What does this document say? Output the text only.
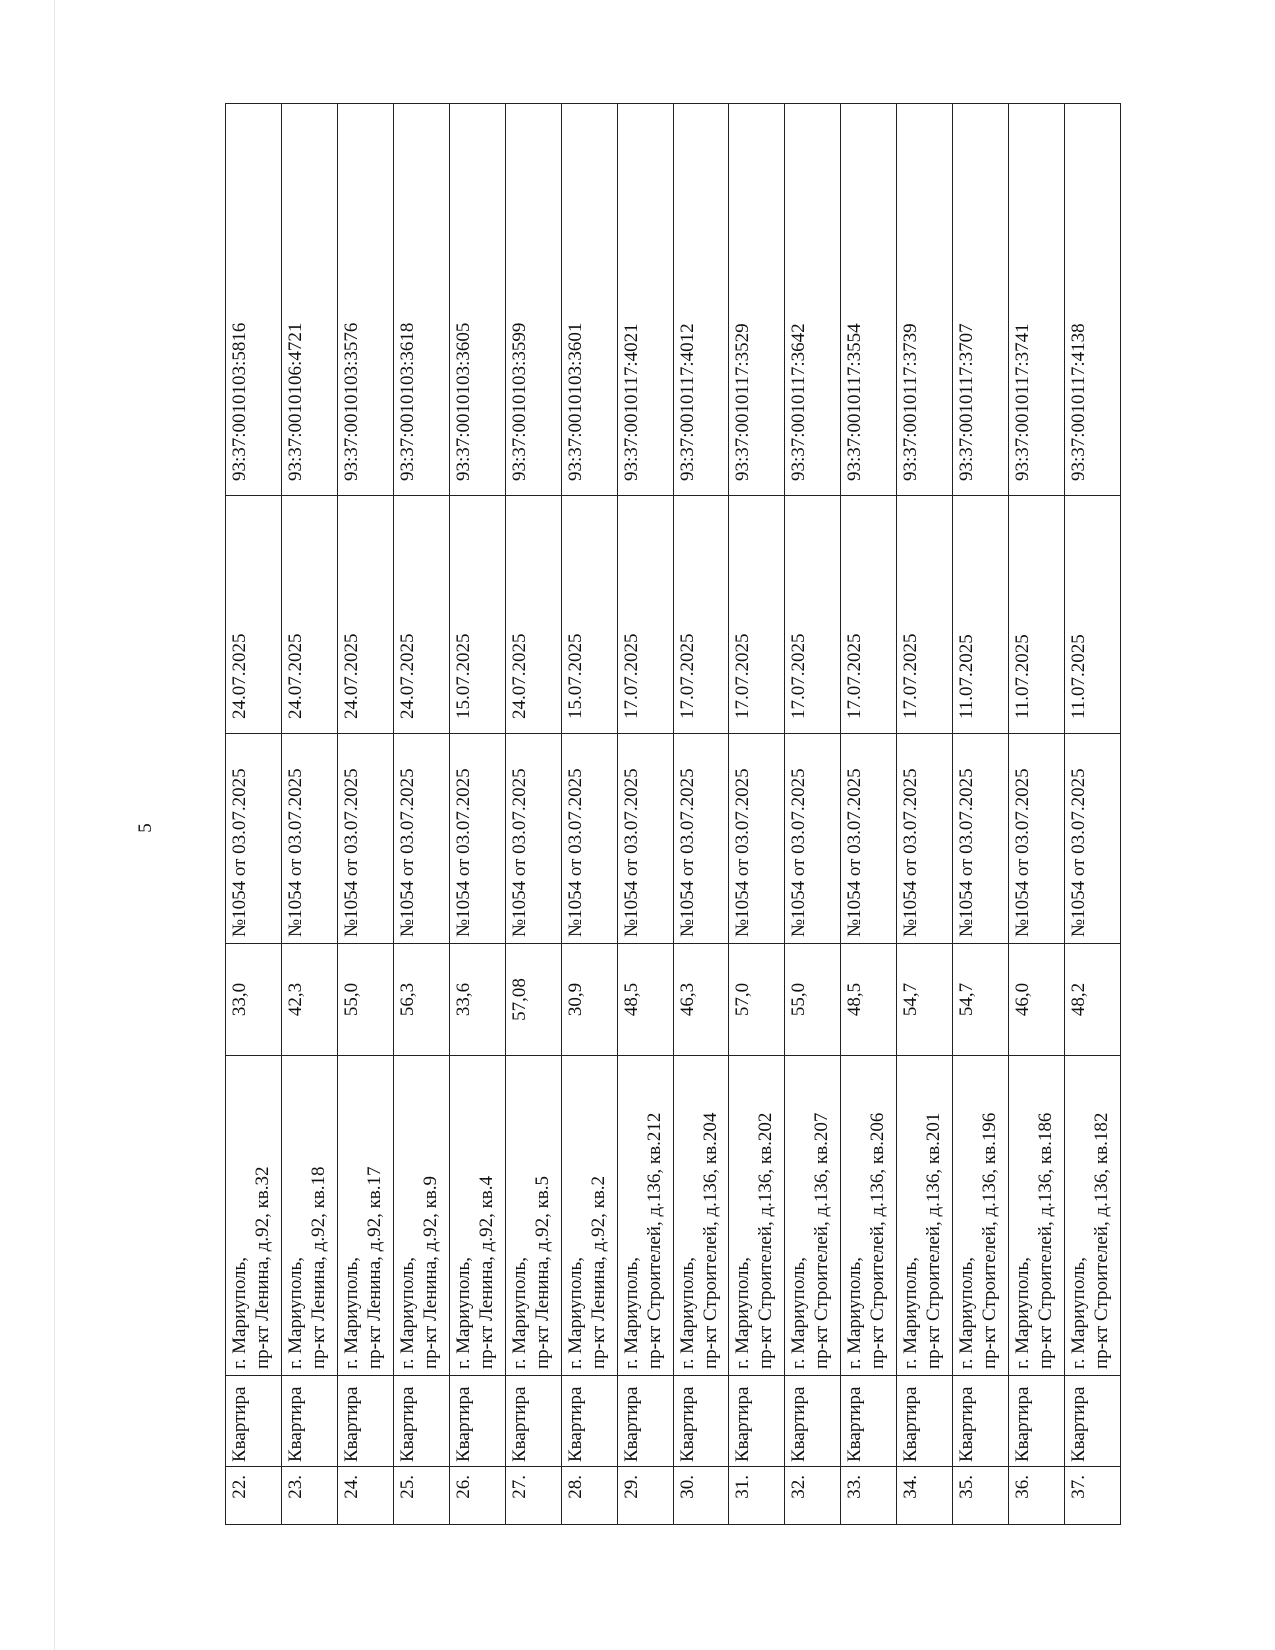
5
22.	Квартира	г. Мариуполь, пр-кт Ленина, д.92, кв.32	33,0	№1054 от 03.07.2025	24.07.2025	93:37:0010103:5816
23.	Квартира	г. Мариуполь, пр-кт Ленина, д.92, кв.18	42,3	№1054 от 03.07.2025	24.07.2025	93:37:0010106:4721
24.	Квартира	г. Мариуполь, пр-кт Ленина, д.92, кв.17	55,0	№1054 от 03.07.2025	24.07.2025	93:37:0010103:3576
25.	Квартира	г. Мариуполь, пр-кт Ленина, д.92, кв.9	56,3	№1054 от 03.07.2025	24.07.2025	93:37:0010103:3618
26.	Квартира	г. Мариуполь, пр-кт Ленина, д.92, кв.4	33,6	№1054 от 03.07.2025	15.07.2025	93:37:0010103:3605
27.	Квартира	г. Мариуполь, пр-кт Ленина, д.92, кв.5	57,08	№1054 от 03.07.2025	24.07.2025	93:37:0010103:3599
28.	Квартира	г. Мариуполь, пр-кт Ленина, д.92, кв.2	30,9	№1054 от 03.07.2025	15.07.2025	93:37:0010103:3601
29.	Квартира	г. Мариуполь, пр-кт Строителей, д.136, кв.212	48,5	№1054 от 03.07.2025	17.07.2025	93:37:0010117:4021
30.	Квартира	г. Мариуполь, пр-кт Строителей, д.136, кв.204	46,3	№1054 от 03.07.2025	17.07.2025	93:37:0010117:4012
31.	Квартира	г. Мариуполь, пр-кт Строителей, д.136, кв.202	57,0	№1054 от 03.07.2025	17.07.2025	93:37:0010117:3529
32.	Квартира	г. Мариуполь, пр-кт Строителей, д.136, кв.207	55,0	№1054 от 03.07.2025	17.07.2025	93:37:0010117:3642
33.	Квартира	г. Мариуполь, пр-кт Строителей, д.136, кв.206	48,5	№1054 от 03.07.2025	17.07.2025	93:37:0010117:3554
34.	Квартира	г. Мариуполь, пр-кт Строителей, д.136, кв.201	54,7	№1054 от 03.07.2025	17.07.2025	93:37:0010117:3739
35.	Квартира	г. Мариуполь, пр-кт Строителей, д.136, кв.196	54,7	№1054 от 03.07.2025	11.07.2025	93:37:0010117:3707
36.	Квартира	г. Мариуполь, пр-кт Строителей, д.136, кв.186	46,0	№1054 от 03.07.2025	11.07.2025	93:37:0010117:3741
37.	Квартира	г. Мариуполь, пр-кт Строителей, д.136, кв.182	48,2	№1054 от 03.07.2025	11.07.2025	93:37:0010117:4138
